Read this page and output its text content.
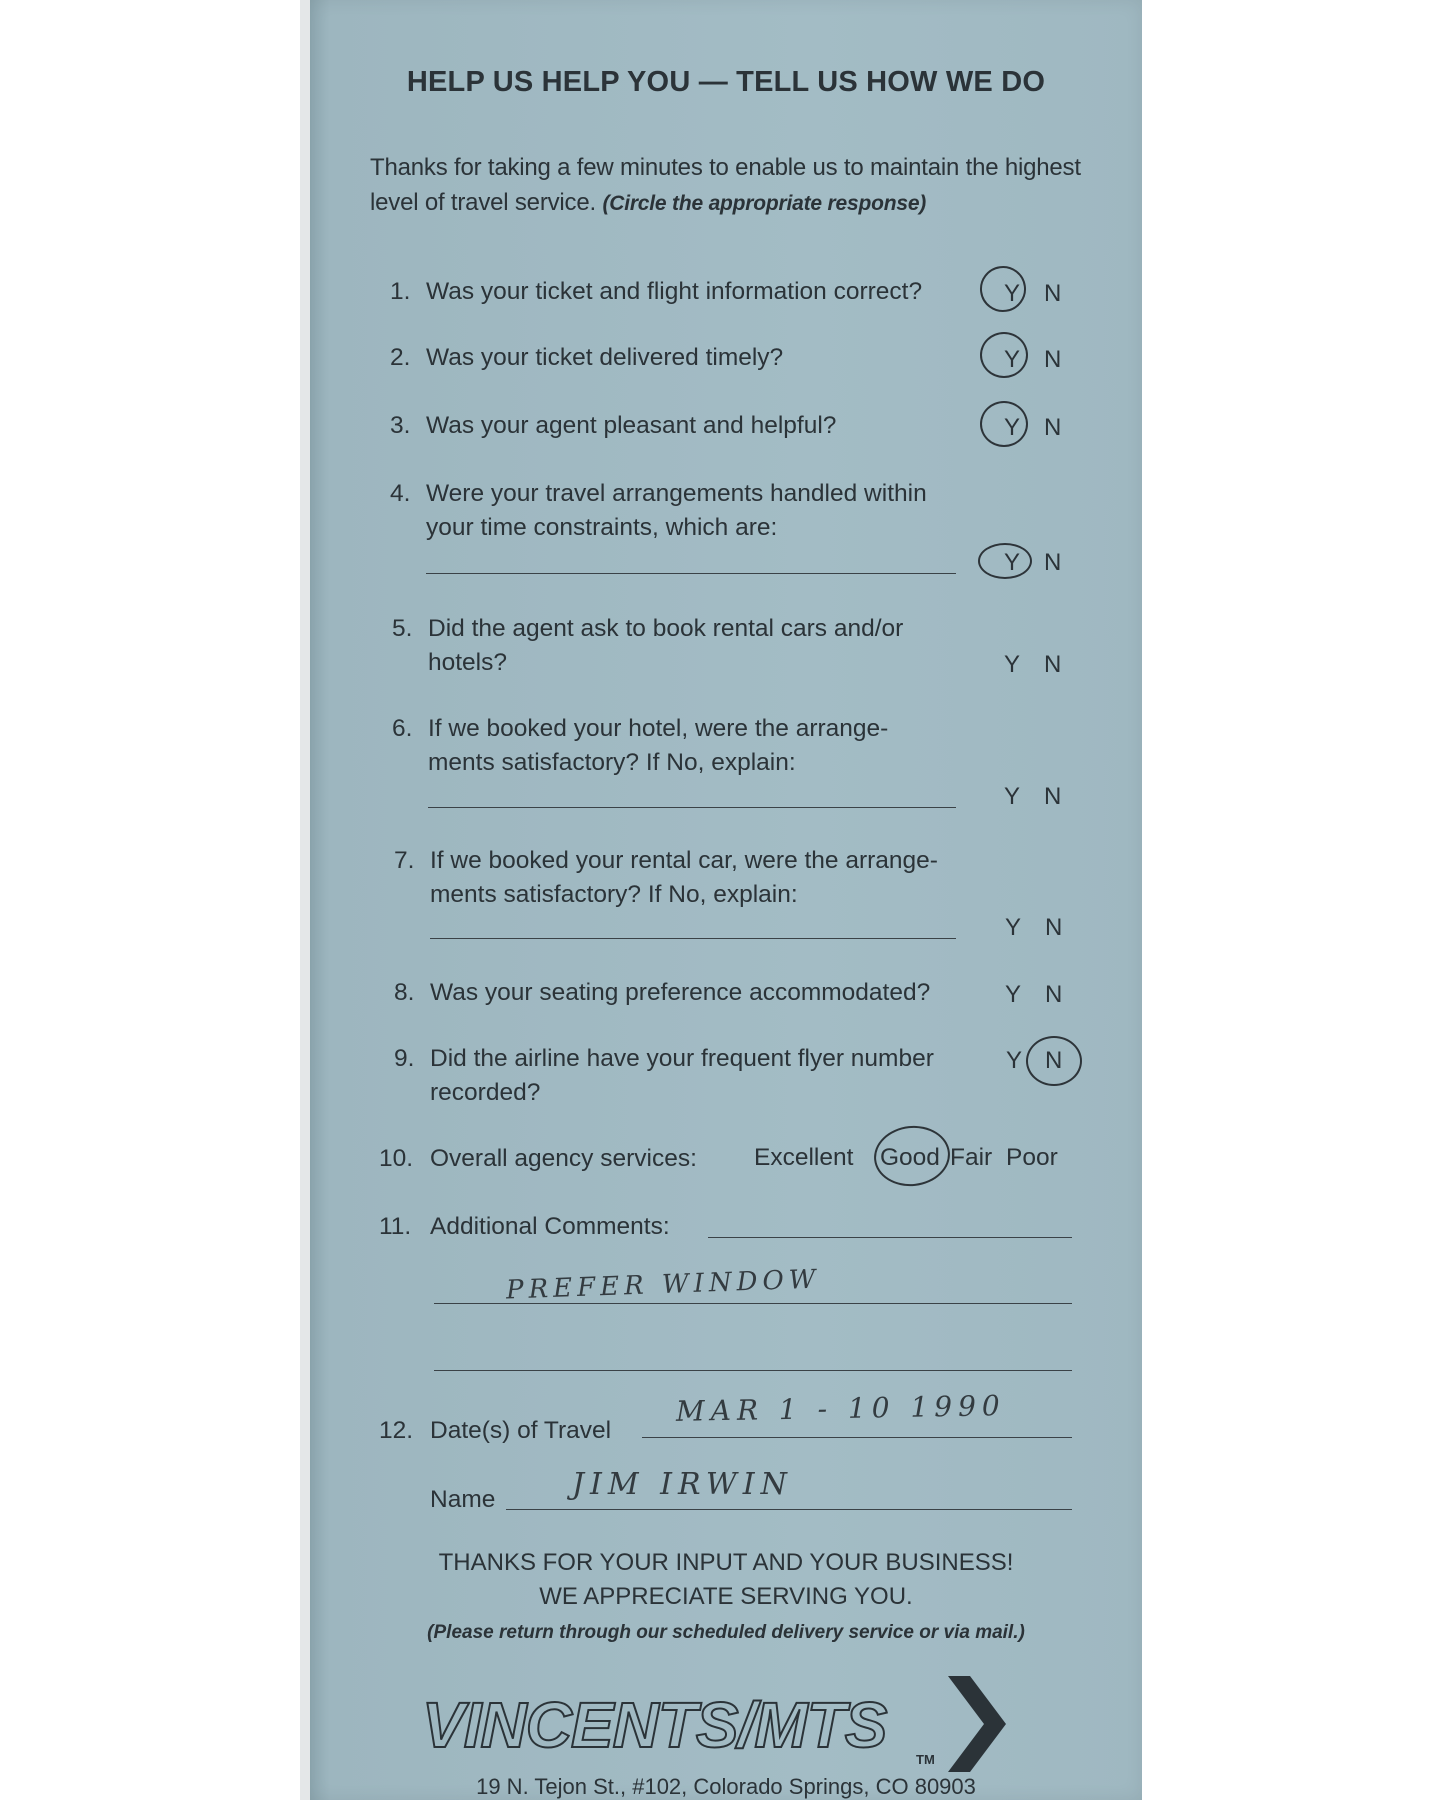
HELP US HELP YOU — TELL US HOW WE DO
Thanks for taking a few minutes to enable us to maintain the highest level of travel service. (Circle the appropriate response)
1. Was your ticket and flight information correct?	Y N
2. Was your ticket delivered timely?	Y N
3. Was your agent pleasant and helpful?	Y N
4. Were your travel arrangements handled within
your time constraints, which are:
Y N
5. Did the agent ask to book rental cars and/or
hotels?	Y N
6. If we booked your hotel, were the arrange-
ments satisfactory? If No, explain:
Y N
7. If we booked your rental car, were the arrange-
ments satisfactory? If No, explain:
Y N
8. Was your seating preference accommodated?	Y N
9. Did the airline have your frequent flyer number
recorded?
Y N
10. Overall agency services: Excellent Good Fair Poor
11. Additional Comments:
PREFER WINDOW
12. Date(s) of Travel
MAR 1 - 10 1990
Name	JIM IRWIN
THANKS FOR YOUR INPUT AND YOUR BUSINESS!
WE APPRECIATE SERVING YOU.
(Please return through our scheduled delivery service or via mail.)
VINCENTS/MTS TM
19 N. Tejon St., #102, Colorado Springs, CO 80903
